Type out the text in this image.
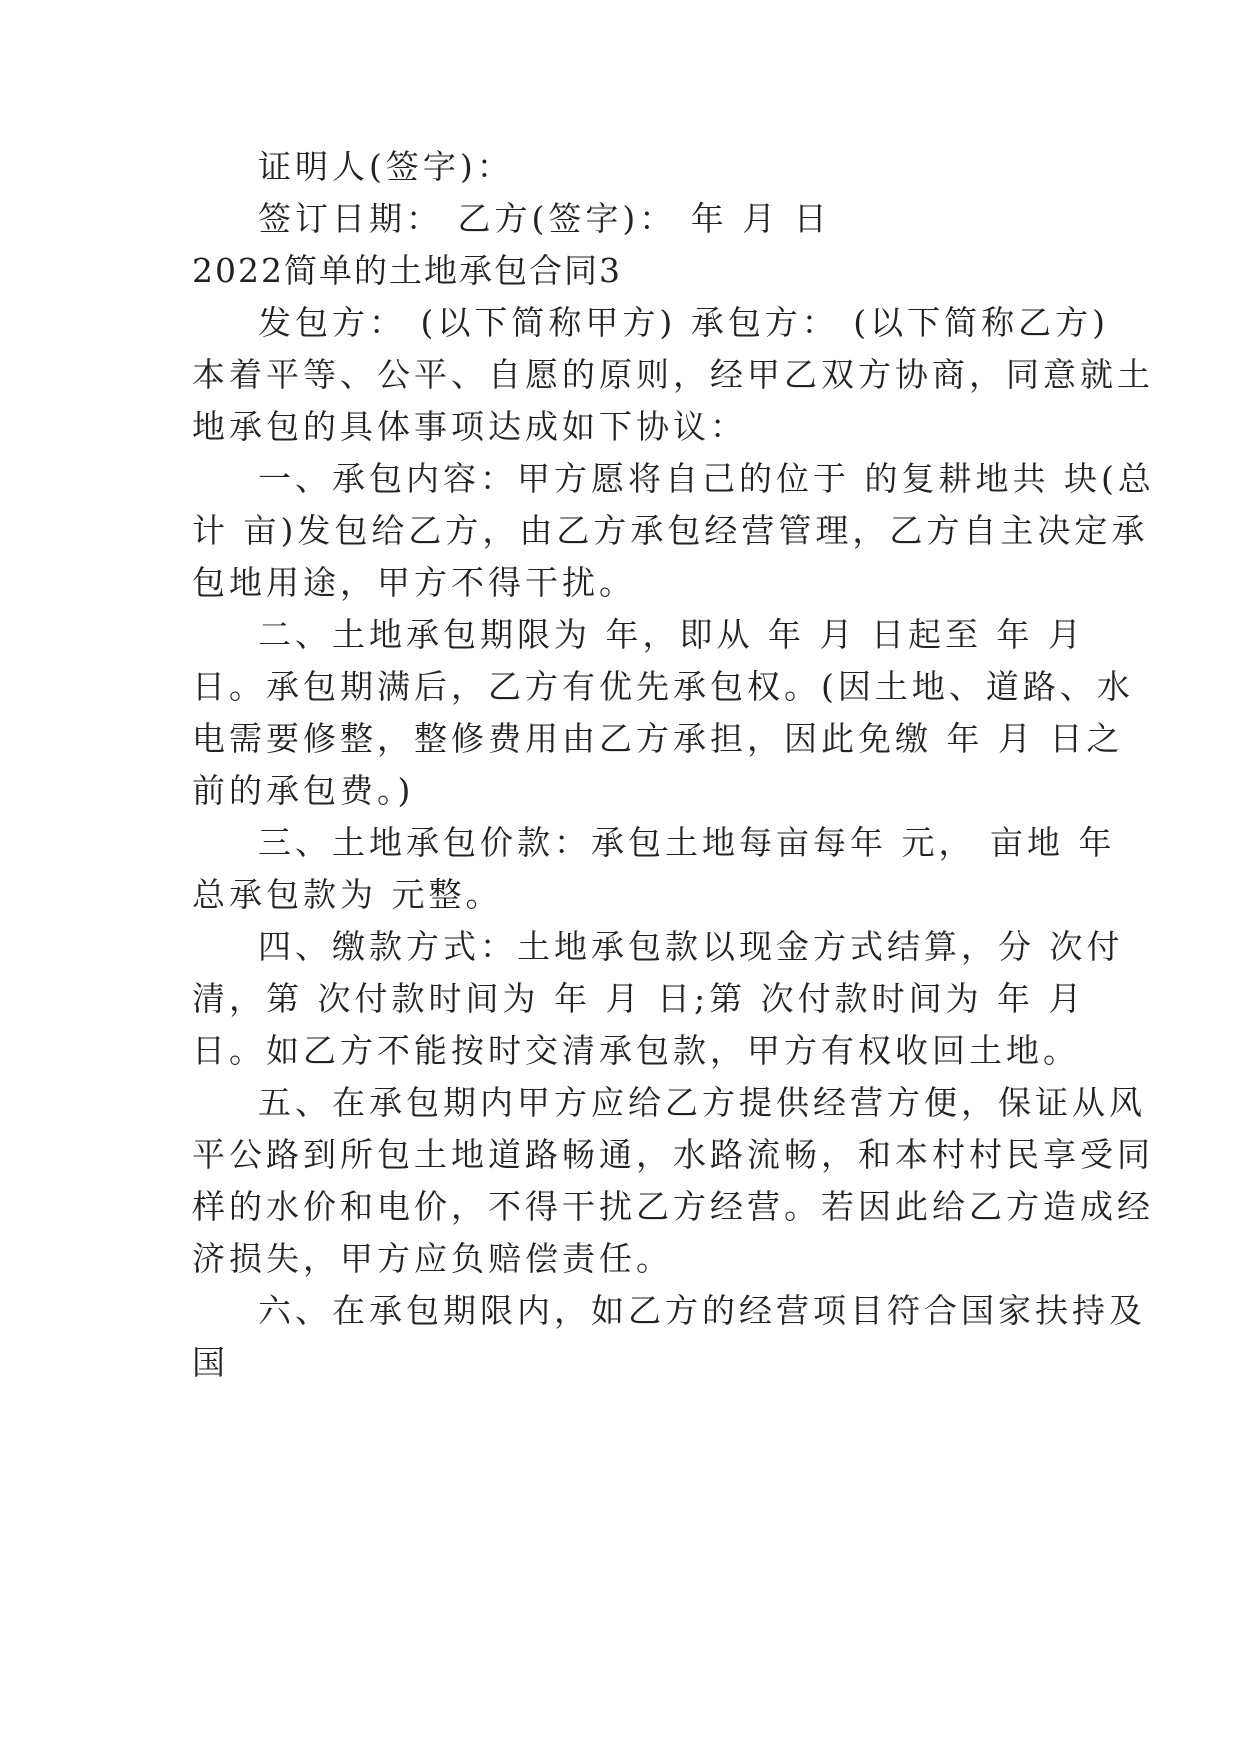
证明人(签字)：
签订日期： 乙方(签字)： 年 月 日
2022简单的土地承包合同3
发包方： (以下简称甲方) 承包方： (以下简称乙方)
本着平等、公平、自愿的原则，经甲乙双方协商，同意就土
地承包的具体事项达成如下协议：
一、承包内容：甲方愿将自己的位于 的复耕地共 块(总
计 亩)发包给乙方，由乙方承包经营管理，乙方自主决定承
包地用途，甲方不得干扰。
二、土地承包期限为 年，即从 年 月 日起至 年 月
日。承包期满后，乙方有优先承包权。(因土地、道路、水
电需要修整，整修费用由乙方承担，因此免缴 年 月 日之
前的承包费。)
三、土地承包价款：承包土地每亩每年 元， 亩地 年
总承包款为 元整。
四、缴款方式：土地承包款以现金方式结算，分 次付
清，第 次付款时间为 年 月 日;第 次付款时间为 年 月
日。如乙方不能按时交清承包款，甲方有权收回土地。
五、在承包期内甲方应给乙方提供经营方便，保证从风
平公路到所包土地道路畅通，水路流畅，和本村村民享受同
样的水价和电价，不得干扰乙方经营。若因此给乙方造成经
济损失，甲方应负赔偿责任。
六、在承包期限内，如乙方的经营项目符合国家扶持及
国
